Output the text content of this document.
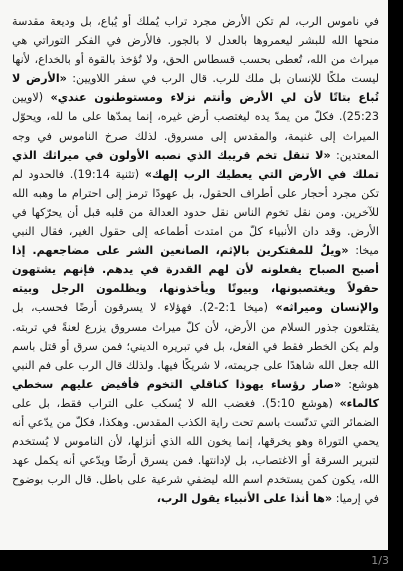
في ناموس الرب، لم تكن الأرض مجرد تراب يُملك أو يُباع، بل وديعة مقدسة منحها الله للبشر ليعمروها بالعدل لا بالجور. فالأرض في الفكر التوراتي هي ميراث من الله، تُعطى بحسب قسطاس الحق، ولا تُؤخذ بالقوة أو بالخداع، لأنها ليست ملكًا للإنسان بل ملك للرب. قال الرب في سفر اللاويين: «الأرض لا تُباع بتاتًا لأن لي الأرض وأنتم نزلاء ومستوطنون عندي» (لاويين 25:23). فكلّ من يمدّ يده ليغتصب أرض غيره، إنما يمدّها على ما لله، ويحوّل الميراث إلى غنيمة، والمقدس إلى مسروق. لذلك صرخ الناموس في وجه المعتدين: «لا تنقل تخم قريبك الذي نصبه الأولون في ميراثك الذي تملك في الأرض التي يعطيك الرب إلهك» (تثنية 19:14). فالحدود لم تكن مجرد أحجار على أطراف الحقول، بل عهودًا ترمز إلى احترام ما وهبه الله للآخرين. ومن نقل تخوم الناس نقل حدود العدالة من قلبه قبل أن يحرّكها في الأرض. وقد دان الأنبياء كلّ من امتدت أطماعه إلى حقول الغير، فقال النبي ميخا: «ويلٌ للمفتكرين بالإثم، الصانعين الشر على مضاجعهم. إذا أصبح الصباح يفعلونه لأن لهم القدرة في يدهم. فإنهم يشتهون حقولاً ويغتصبونها، وبيوتًا ويأخذونها، ويظلمون الرجل وبيته والإنسان وميراثه» (ميخا 2:1-2). فهؤلاء لا يسرقون أرضًا فحسب، بل يقتلعون جذور السلام من الأرض، لأن كلّ ميراث مسروق يزرع لعنةً في تربته. ولم يكن الخطر فقط في الفعل، بل في تبريره الديني؛ فمن سرق أو قتل باسم الله جعل الله شاهدًا على جريمته، لا شريكًا فيها. ولذلك قال الرب على فم النبي هوشع: «صار رؤساء يهوذا كناقلي التخوم فأفيض عليهم سخطي كالماء» (هوشع 5:10). فغضب الله لا يُسكب على التراب فقط، بل على الضمائر التي تدنّست باسم تحت راية الكذب المقدس. وهكذا، فكلّ من يدّعي أنه يحمي التوراة وهو يخرقها، إنما يخون الله الذي أنزلها، لأن الناموس لا يُستخدم لتبرير السرقة أو الاغتصاب، بل لإدانتها. فمن يسرق أرضًا ويدّعي أنه يكمل عهد الله، يكون كمن يستخدم اسم الله ليضفي شرعية على باطل. قال الرب بوضوح في إرميا: «ها أنذا على الأنبياء يقول الرب،

1/3
